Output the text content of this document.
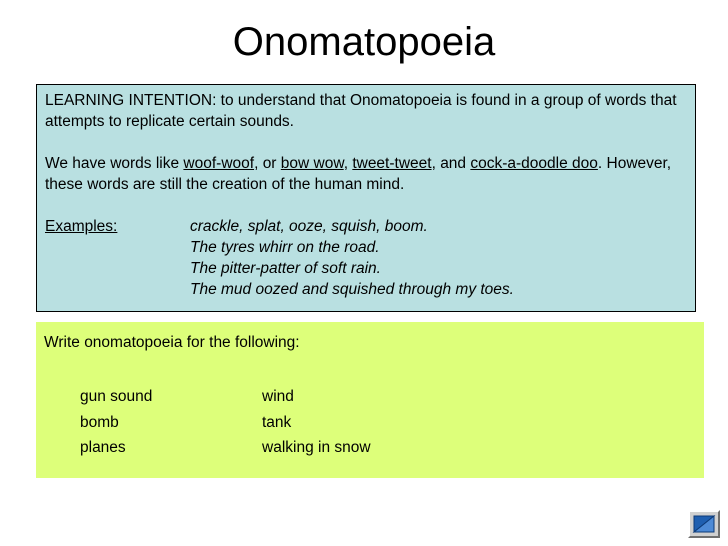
Onomatopoeia

LEARNING INTENTION: to understand that Onomatopoeia is found in a group of words that attempts to replicate certain sounds.

We have words like woof-woof, or bow wow, tweet-tweet, and cock-a-doodle doo. However, these words are still the creation of the human mind.

Examples:	crackle, splat, ooze, squish, boom.
The tyres whirr on the road.
The pitter-patter of soft rain.
The mud oozed and squished through my toes.

Write onomatopoeia for the following:

gun sound	wind
bomb	tank
planes	walking in snow
